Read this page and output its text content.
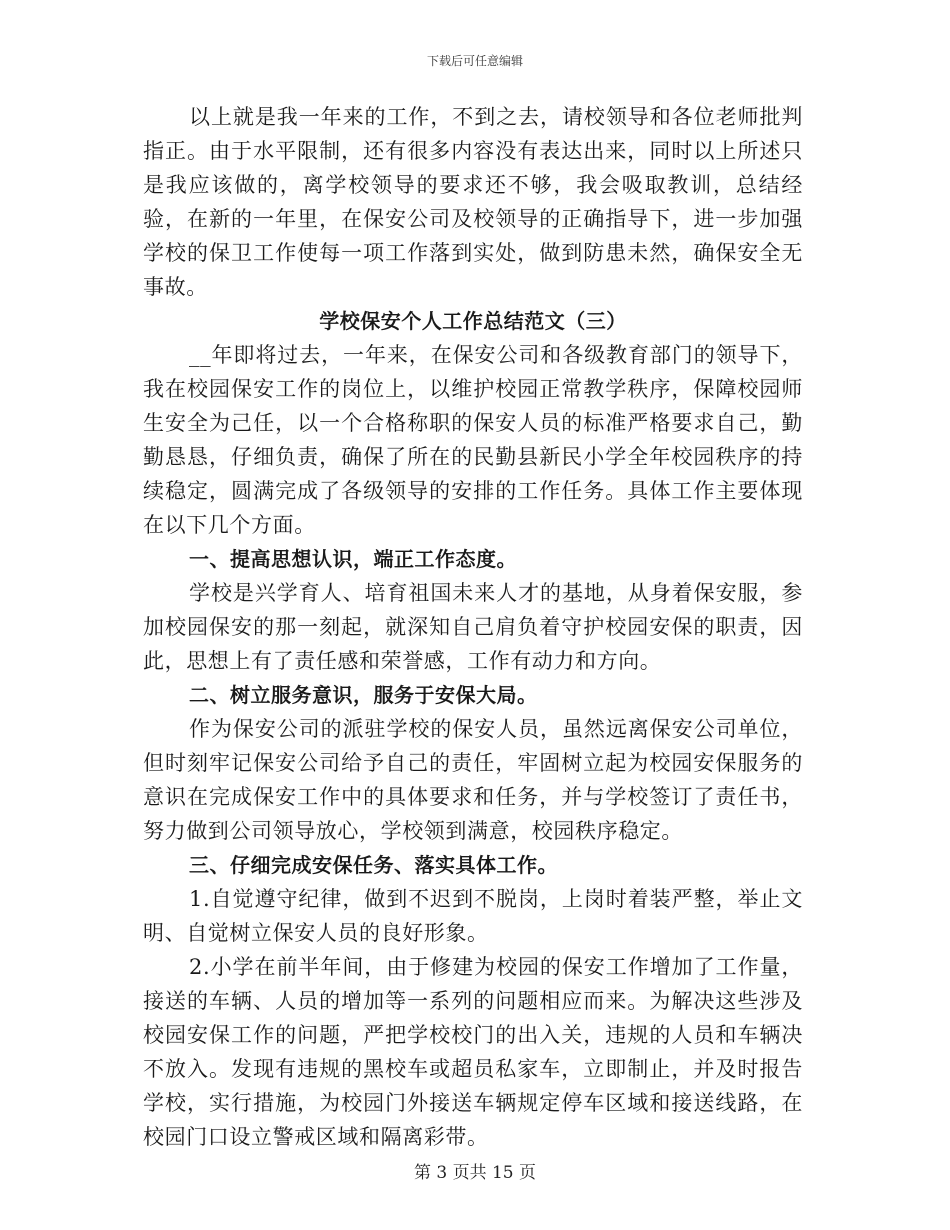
下载后可任意编辑

以上就是我一年来的工作，不到之去，请校领导和各位老师批判指正。由于水平限制，还有很多内容没有表达出来，同时以上所述只是我应该做的，离学校领导的要求还不够，我会吸取教训，总结经验，在新的一年里，在保安公司及校领导的正确指导下，进一步加强学校的保卫工作使每一项工作落到实处，做到防患未然，确保安全无事故。

学校保安个人工作总结范文（三）

__年即将过去，一年来，在保安公司和各级教育部门的领导下，我在校园保安工作的岗位上，以维护校园正常教学秩序，保障校园师生安全为己任，以一个合格称职的保安人员的标准严格要求自己，勤勤恳恳，仔细负责，确保了所在的民勤县新民小学全年校园秩序的持续稳定，圆满完成了各级领导的安排的工作任务。具体工作主要体现在以下几个方面。

一、提高思想认识，端正工作态度。

学校是兴学育人、培育祖国未来人才的基地，从身着保安服，参加校园保安的那一刻起，就深知自己肩负着守护校园安保的职责，因此，思想上有了责任感和荣誉感，工作有动力和方向。

二、树立服务意识，服务于安保大局。

作为保安公司的派驻学校的保安人员，虽然远离保安公司单位，但时刻牢记保安公司给予自己的责任，牢固树立起为校园安保服务的意识在完成保安工作中的具体要求和任务，并与学校签订了责任书，努力做到公司领导放心，学校领到满意，校园秩序稳定。

三、仔细完成安保任务、落实具体工作。

1.自觉遵守纪律，做到不迟到不脱岗，上岗时着装严整，举止文明、自觉树立保安人员的良好形象。

2.小学在前半年间，由于修建为校园的保安工作增加了工作量，接送的车辆、人员的增加等一系列的问题相应而来。为解决这些涉及校园安保工作的问题，严把学校校门的出入关，违规的人员和车辆决不放入。发现有违规的黑校车或超员私家车，立即制止，并及时报告学校，实行措施，为校园门外接送车辆规定停车区域和接送线路，在校园门口设立警戒区域和隔离彩带。

第 3 页共 15 页
